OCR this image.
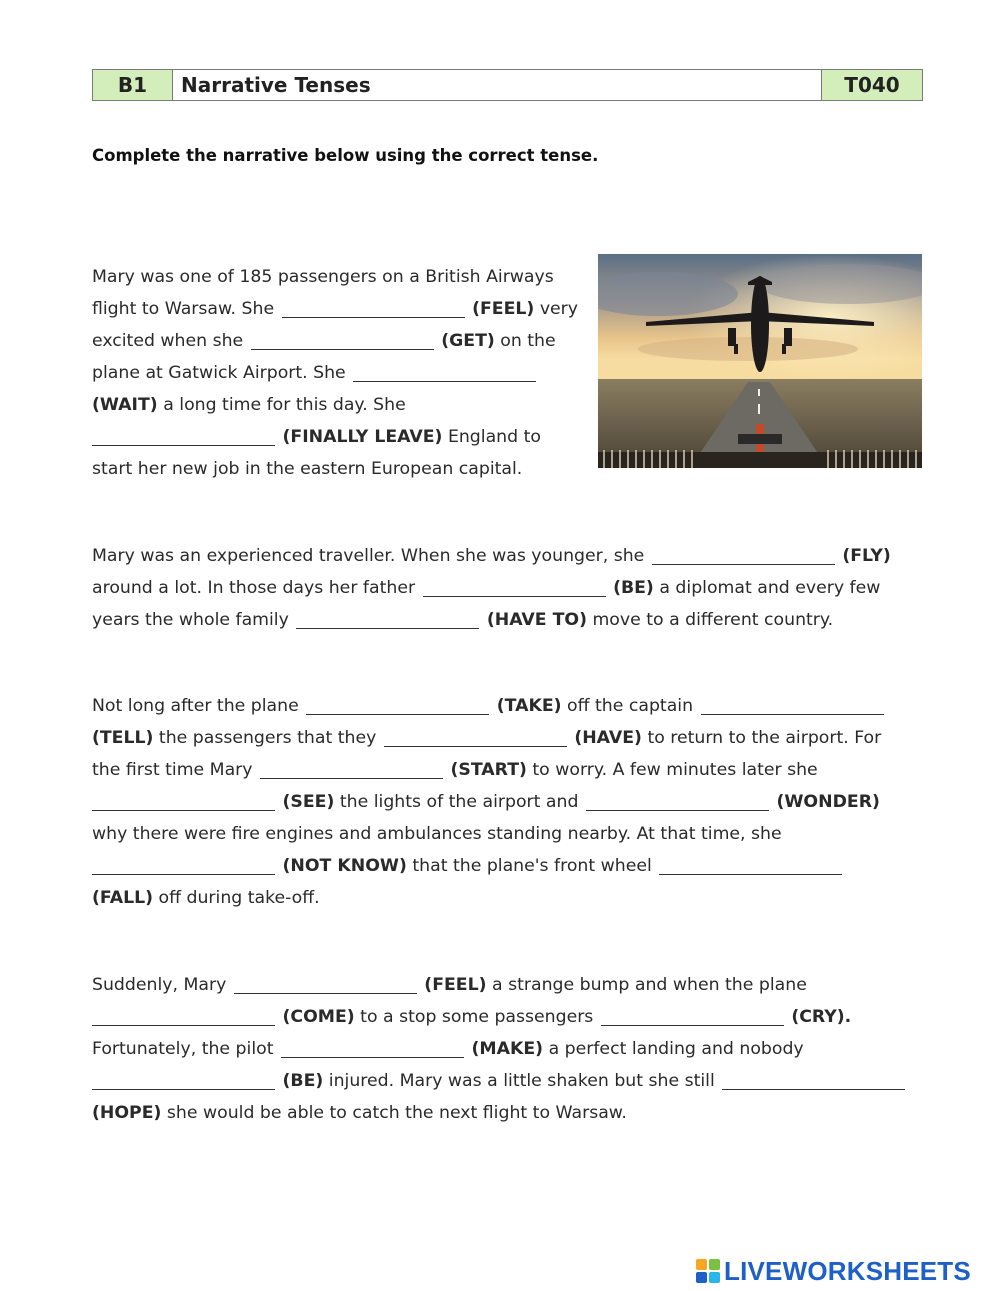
B1	Narrative Tenses	T040
Complete the narrative below using the correct tense.
Mary was one of 185 passengers on a British Airways
flight to Warsaw. She	(FEEL) very
excited when she	(GET) on the
plane at Gatwick Airport. She
(WAIT) a long time for this day. She
(FINALLY LEAVE) England to
start her new job in the eastern European capital.
Mary was an experienced traveller. When she was younger, she	(FLY)
around a lot. In those days her father	(BE) a diplomat and every few
years the whole family	(HAVE TO) move to a different country.
Not long after the plane	(TAKE) off the captain
(TELL) the passengers that they	(HAVE) to return to the airport. For
the first time Mary	(START) to worry. A few minutes later she
(SEE) the lights of the airport and	(WONDER)
why there were fire engines and ambulances standing nearby. At that time, she
(NOT KNOW) that the plane's front wheel
(FALL) off during take-off.
Suddenly, Mary	(FEEL) a strange bump and when the plane
(COME) to a stop some passengers	(CRY).
Fortunately, the pilot	(MAKE) a perfect landing and nobody
(BE) injured. Mary was a little shaken but she still
(HOPE) she would be able to catch the next flight to Warsaw.
LIVEWORKSHEETS
